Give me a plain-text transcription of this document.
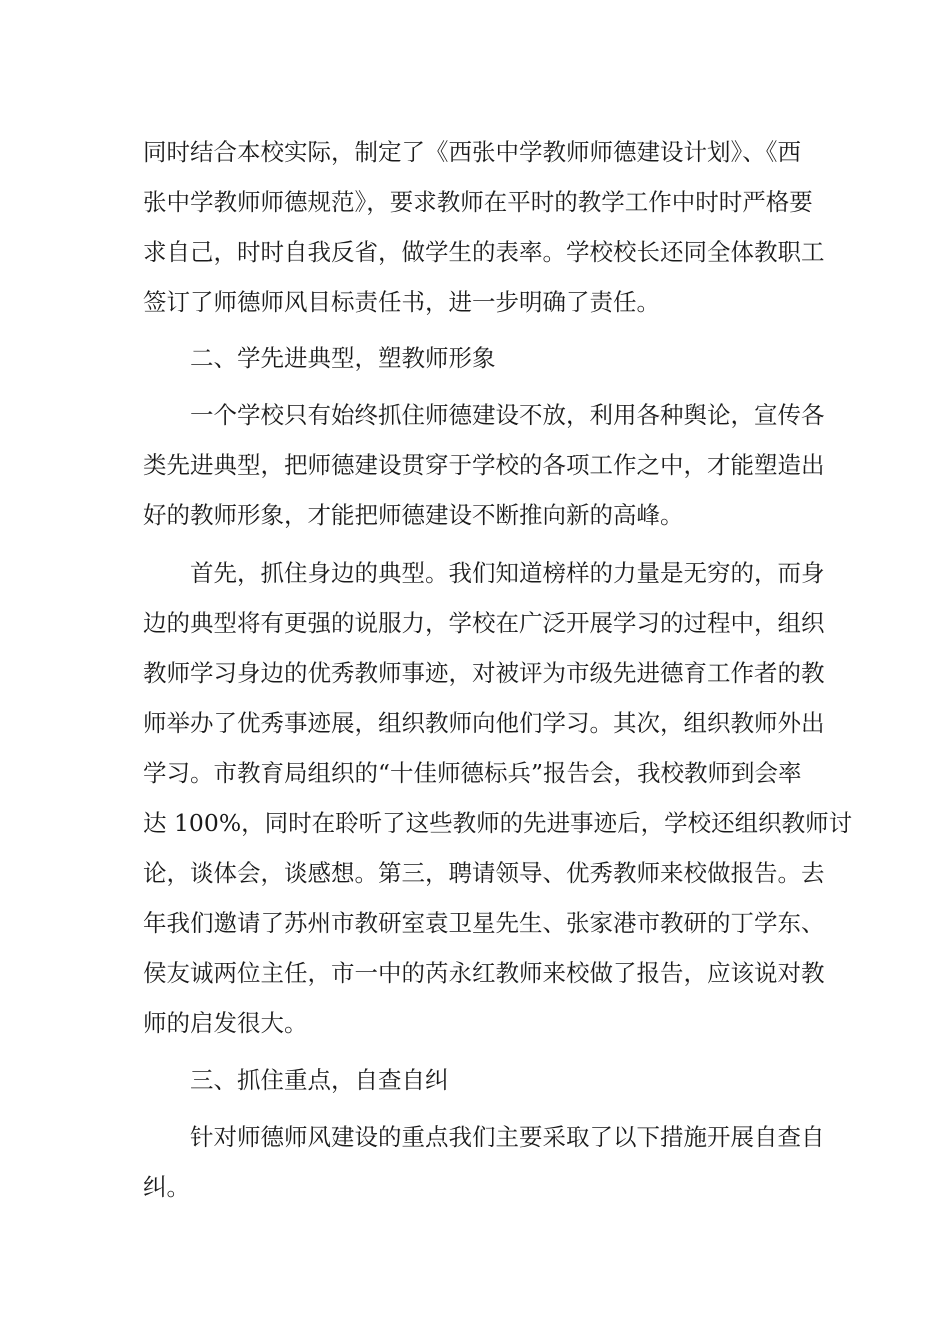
同时结合本校实际，制定了《西张中学教师师德建设计划》、《西
张中学教师师德规范》，要求教师在平时的教学工作中时时严格要
求自己，时时自我反省，做学生的表率。学校校长还同全体教职工
签订了师德师风目标责任书，进一步明确了责任。
二、学先进典型，塑教师形象
一个学校只有始终抓住师德建设不放，利用各种舆论，宣传各
类先进典型，把师德建设贯穿于学校的各项工作之中，才能塑造出
好的教师形象，才能把师德建设不断推向新的高峰。
首先，抓住身边的典型。我们知道榜样的力量是无穷的，而身
边的典型将有更强的说服力，学校在广泛开展学习的过程中，组织
教师学习身边的优秀教师事迹，对被评为市级先进德育工作者的教
师举办了优秀事迹展，组织教师向他们学习。其次，组织教师外出
学习。市教育局组织的“十佳师德标兵”报告会，我校教师到会率
达 100%，同时在聆听了这些教师的先进事迹后，学校还组织教师讨
论，谈体会，谈感想。第三，聘请领导、优秀教师来校做报告。去
年我们邀请了苏州市教研室袁卫星先生、张家港市教研的丁学东、
侯友诚两位主任，市一中的芮永红教师来校做了报告，应该说对教
师的启发很大。
三、抓住重点，自查自纠
针对师德师风建设的重点我们主要采取了以下措施开展自查自
纠。
